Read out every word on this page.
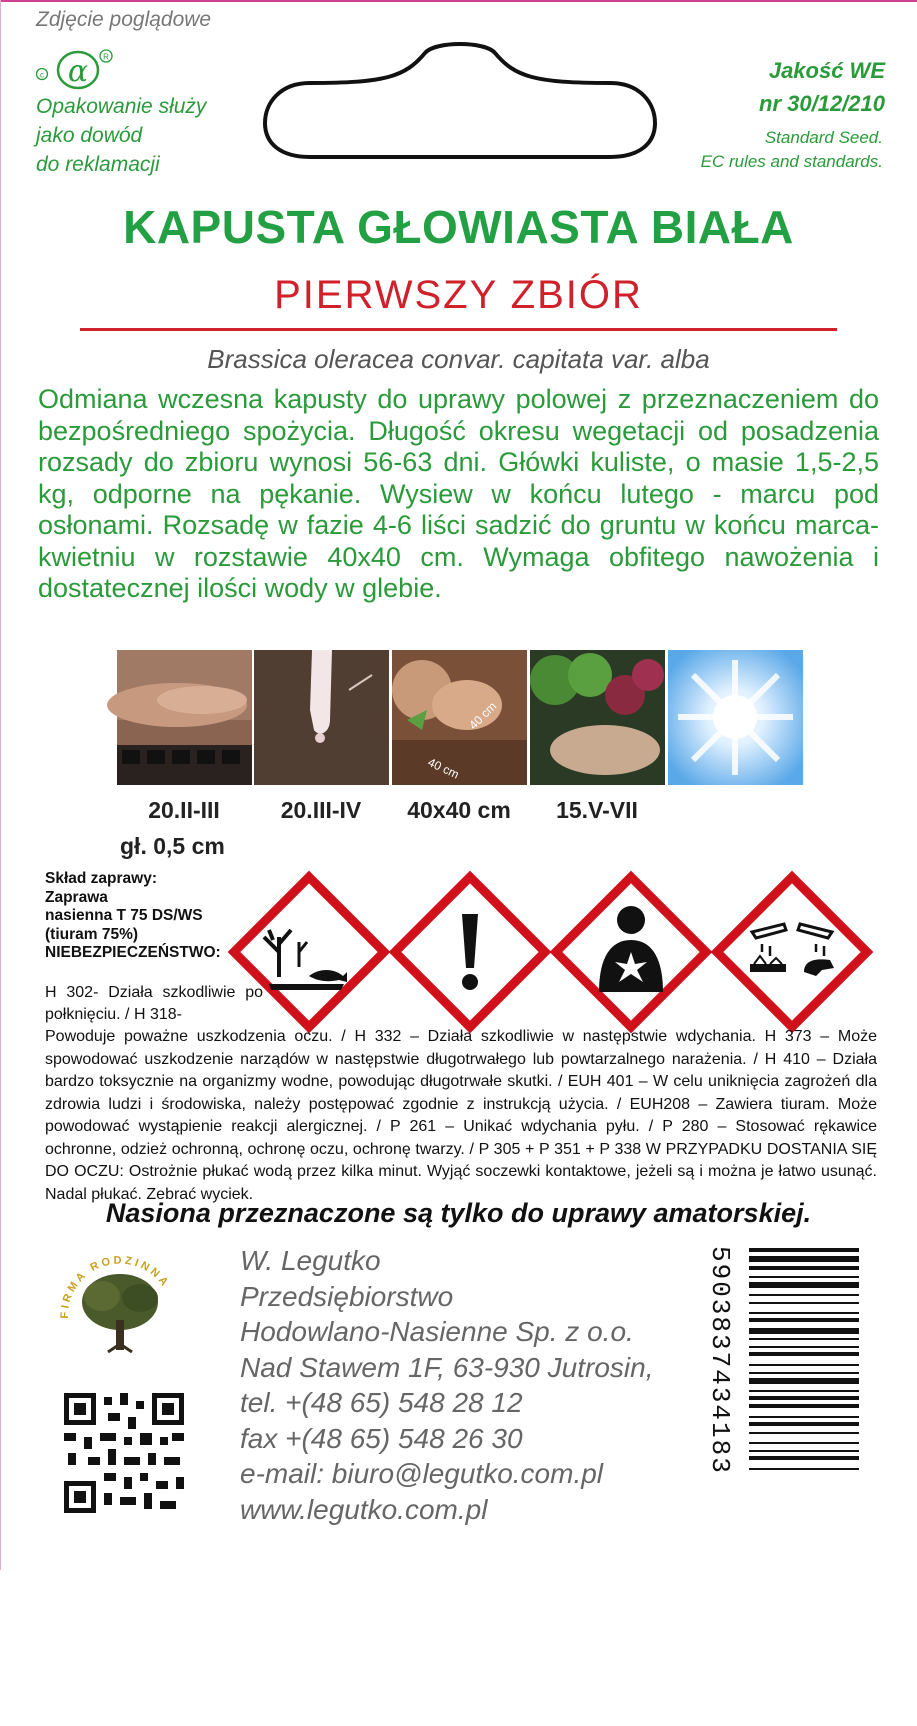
Zdjęcie poglądowe
c α R
Opakowanie służy
jako dowód
do reklamacji
Jakość WE
nr 30/12/210
Standard Seed.
EC rules and standards.
KAPUSTA GŁOWIASTA BIAŁA
PIERWSZY ZBIÓR
Brassica oleracea convar. capitata var. alba
Odmiana wczesna kapusty do uprawy polowej z przeznaczeniem do bezpośredniego spożycia. Długość okresu wegetacji od posadzenia rozsady do zbioru wynosi 56-63 dni. Główki kuliste, o masie 1,5-2,5 kg, odporne na pękanie. Wysiew w końcu lutego - marcu pod osłonami. Rozsadę w fazie 4-6 liści sadzić do gruntu w końcu marca- kwietniu w rozstawie 40x40 cm. Wymaga obfitego nawożenia i dostatecznej ilości wody w glebie.
40 cm
40 cm
20.II-III	20.III-IV	40x40 cm	15.V-VII
gł. 0,5 cm
Skład zaprawy:
Zaprawa
nasienna T 75 DS/WS
(tiuram 75%)
NIEBEZPIECZEŃSTWO:
H 302- Działa szkodliwie po połknięciu. / H 318-
Powoduje poważne uszkodzenia oczu. / H 332 – Działa szkodliwie w następstwie wdychania. H 373 – Może spowodować uszkodzenie narządów w następstwie długotrwałego lub powtarzalnego narażenia. / H 410 – Działa bardzo toksycznie na organizmy wodne, powodując długotrwałe skutki. / EUH 401 – W celu uniknięcia zagrożeń dla zdrowia ludzi i środowiska, należy postępować zgodnie z instrukcją użycia. / EUH208 – Zawiera tiuram. Może powodować wystąpienie reakcji alergicznej. / P 261 – Unikać wdychania pyłu. / P 280 – Stosować rękawice ochronne, odzież ochronną, ochronę oczu, ochronę twarzy. / P 305 + P 351 + P 338 W PRZYPADKU DOSTANIA SIĘ DO OCZU: Ostrożnie płukać wodą przez kilka minut. Wyjąć soczewki kontaktowe, jeżeli są i można je łatwo usunąć. Nadal płukać. Zebrać wyciek.
Nasiona przeznaczone są tylko do uprawy amatorskiej.
FIRMA RODZINNA
W. Legutko
Przedsiębiorstwo
Hodowlano-Nasienne Sp. z o.o.
Nad Stawem 1F, 63-930 Jutrosin,
tel. +(48 65) 548 28 12
fax +(48 65) 548 26 30
e-mail: biuro@legutko.com.pl
www.legutko.com.pl
5903837434183
